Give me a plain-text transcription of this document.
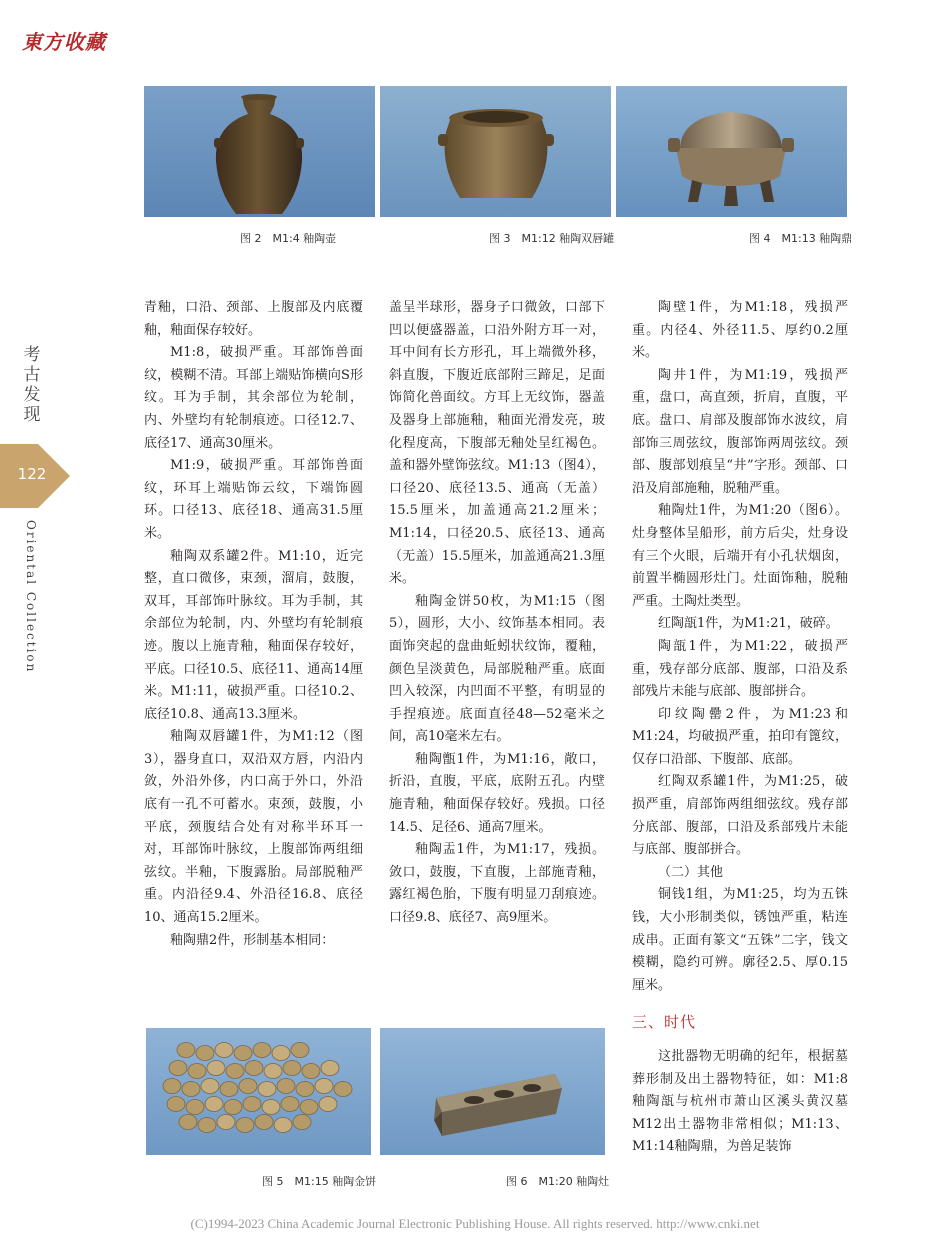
東方收藏
考古发现
122
Oriental Collection
图 2　M1:4 釉陶壶	图 3　M1:12 釉陶双唇罐	图 4　M1:13 釉陶鼎

青釉，口沿、颈部、上腹部及内底覆釉，釉面保存较好。

M1:8，破损严重。耳部饰兽面纹，模糊不清。耳部上端贴饰横向S形纹。耳为手制，其余部位为轮制，内、外壁均有轮制痕迹。口径12.7、底径17、通高30厘米。

M1:9，破损严重。耳部饰兽面纹，环耳上端贴饰云纹，下端饰圆环。口径13、底径18、通高31.5厘米。

釉陶双系罐2件。M1:10，近完整，直口微侈，束颈，溜肩，鼓腹，双耳，耳部饰叶脉纹。耳为手制，其余部位为轮制，内、外壁均有轮制痕迹。腹以上施青釉，釉面保存较好，平底。口径10.5、底径11、通高14厘米。M1:11，破损严重。口径10.2、底径10.8、通高13.3厘米。

釉陶双唇罐1件，为M1:12（图3），器身直口，双沿双方唇，内沿内敛，外沿外侈，内口高于外口，外沿底有一孔不可蓄水。束颈，鼓腹，小平底，颈腹结合处有对称半环耳一对，耳部饰叶脉纹，上腹部饰两组细弦纹。半釉，下腹露胎。局部脱釉严重。内沿径9.4、外沿径16.8、底径10、通高15.2厘米。

釉陶鼎2件，形制基本相同：

盖呈半球形，器身子口微敛，口部下凹以便盛器盖，口沿外附方耳一对，耳中间有长方形孔，耳上端微外移，斜直腹，下腹近底部附三蹄足，足面饰简化兽面纹。方耳上无纹饰，器盖及器身上部施釉，釉面光滑发亮，玻化程度高，下腹部无釉处呈红褐色。盖和器外壁饰弦纹。M1:13（图4），口径20、底径13.5、通高（无盖）15.5厘米，加盖通高21.2厘米；M1:14，口径20.5、底径13、通高（无盖）15.5厘米，加盖通高21.3厘米。

釉陶金饼50枚，为M1:15（图5），圆形，大小、纹饰基本相同。表面饰突起的盘曲蚯蚓状纹饰，覆釉，颜色呈淡黄色，局部脱釉严重。底面凹入较深，内凹面不平整，有明显的手捏痕迹。底面直径48—52毫米之间，高10毫米左右。

釉陶甑1件，为M1:16，敞口，折沿，直腹，平底，底附五孔。内壁施青釉，釉面保存较好。残损。口径14.5、足径6、通高7厘米。

釉陶盂1件，为M1:17，残损。敛口，鼓腹，下直腹，上部施青釉，露红褐色胎，下腹有明显刀刮痕迹。口径9.8、底径7、高9厘米。

陶壁1件，为M1:18，残损严重。内径4、外径11.5、厚约0.2厘米。

陶井1件，为M1:19，残损严重，盘口，高直颈，折肩，直腹，平底。盘口、肩部及腹部饰水波纹，肩部饰三周弦纹，腹部饰两周弦纹。颈部、腹部划痕呈“井”字形。颈部、口沿及肩部施釉，脱釉严重。

釉陶灶1件，为M1:20（图6）。灶身整体呈船形，前方后尖，灶身设有三个火眼，后端开有小孔状烟囱，前置半椭圆形灶门。灶面饰釉，脱釉严重。土陶灶类型。

红陶瓿1件，为M1:21，破碎。

陶瓿1件，为M1:22，破损严重，残存部分底部、腹部，口沿及系部残片未能与底部、腹部拼合。

印纹陶罍2件，为M1:23和M1:24，均破损严重，拍印有篦纹，仅存口沿部、下腹部、底部。

红陶双系罐1件，为M1:25，破损严重，肩部饰两组细弦纹。残存部分底部、腹部，口沿及系部残片未能与底部、腹部拼合。

（二）其他

铜钱1组，为M1:25，均为五铢钱，大小形制类似，锈蚀严重，粘连成串。正面有篆文“五铢”二字，钱文模糊，隐约可辨。廓径2.5、厚0.15厘米。

三、时代

这批器物无明确的纪年，根据墓葬形制及出土器物特征，如：M1:8釉陶瓿与杭州市萧山区溪头黄汉墓M12出土器物非常相似；M1:13、M1:14釉陶鼎，为兽足装饰

图 5　M1:15 釉陶金饼	图 6　M1:20 釉陶灶
(C)1994-2023 China Academic Journal Electronic Publishing House. All rights reserved. http://www.cnki.net
